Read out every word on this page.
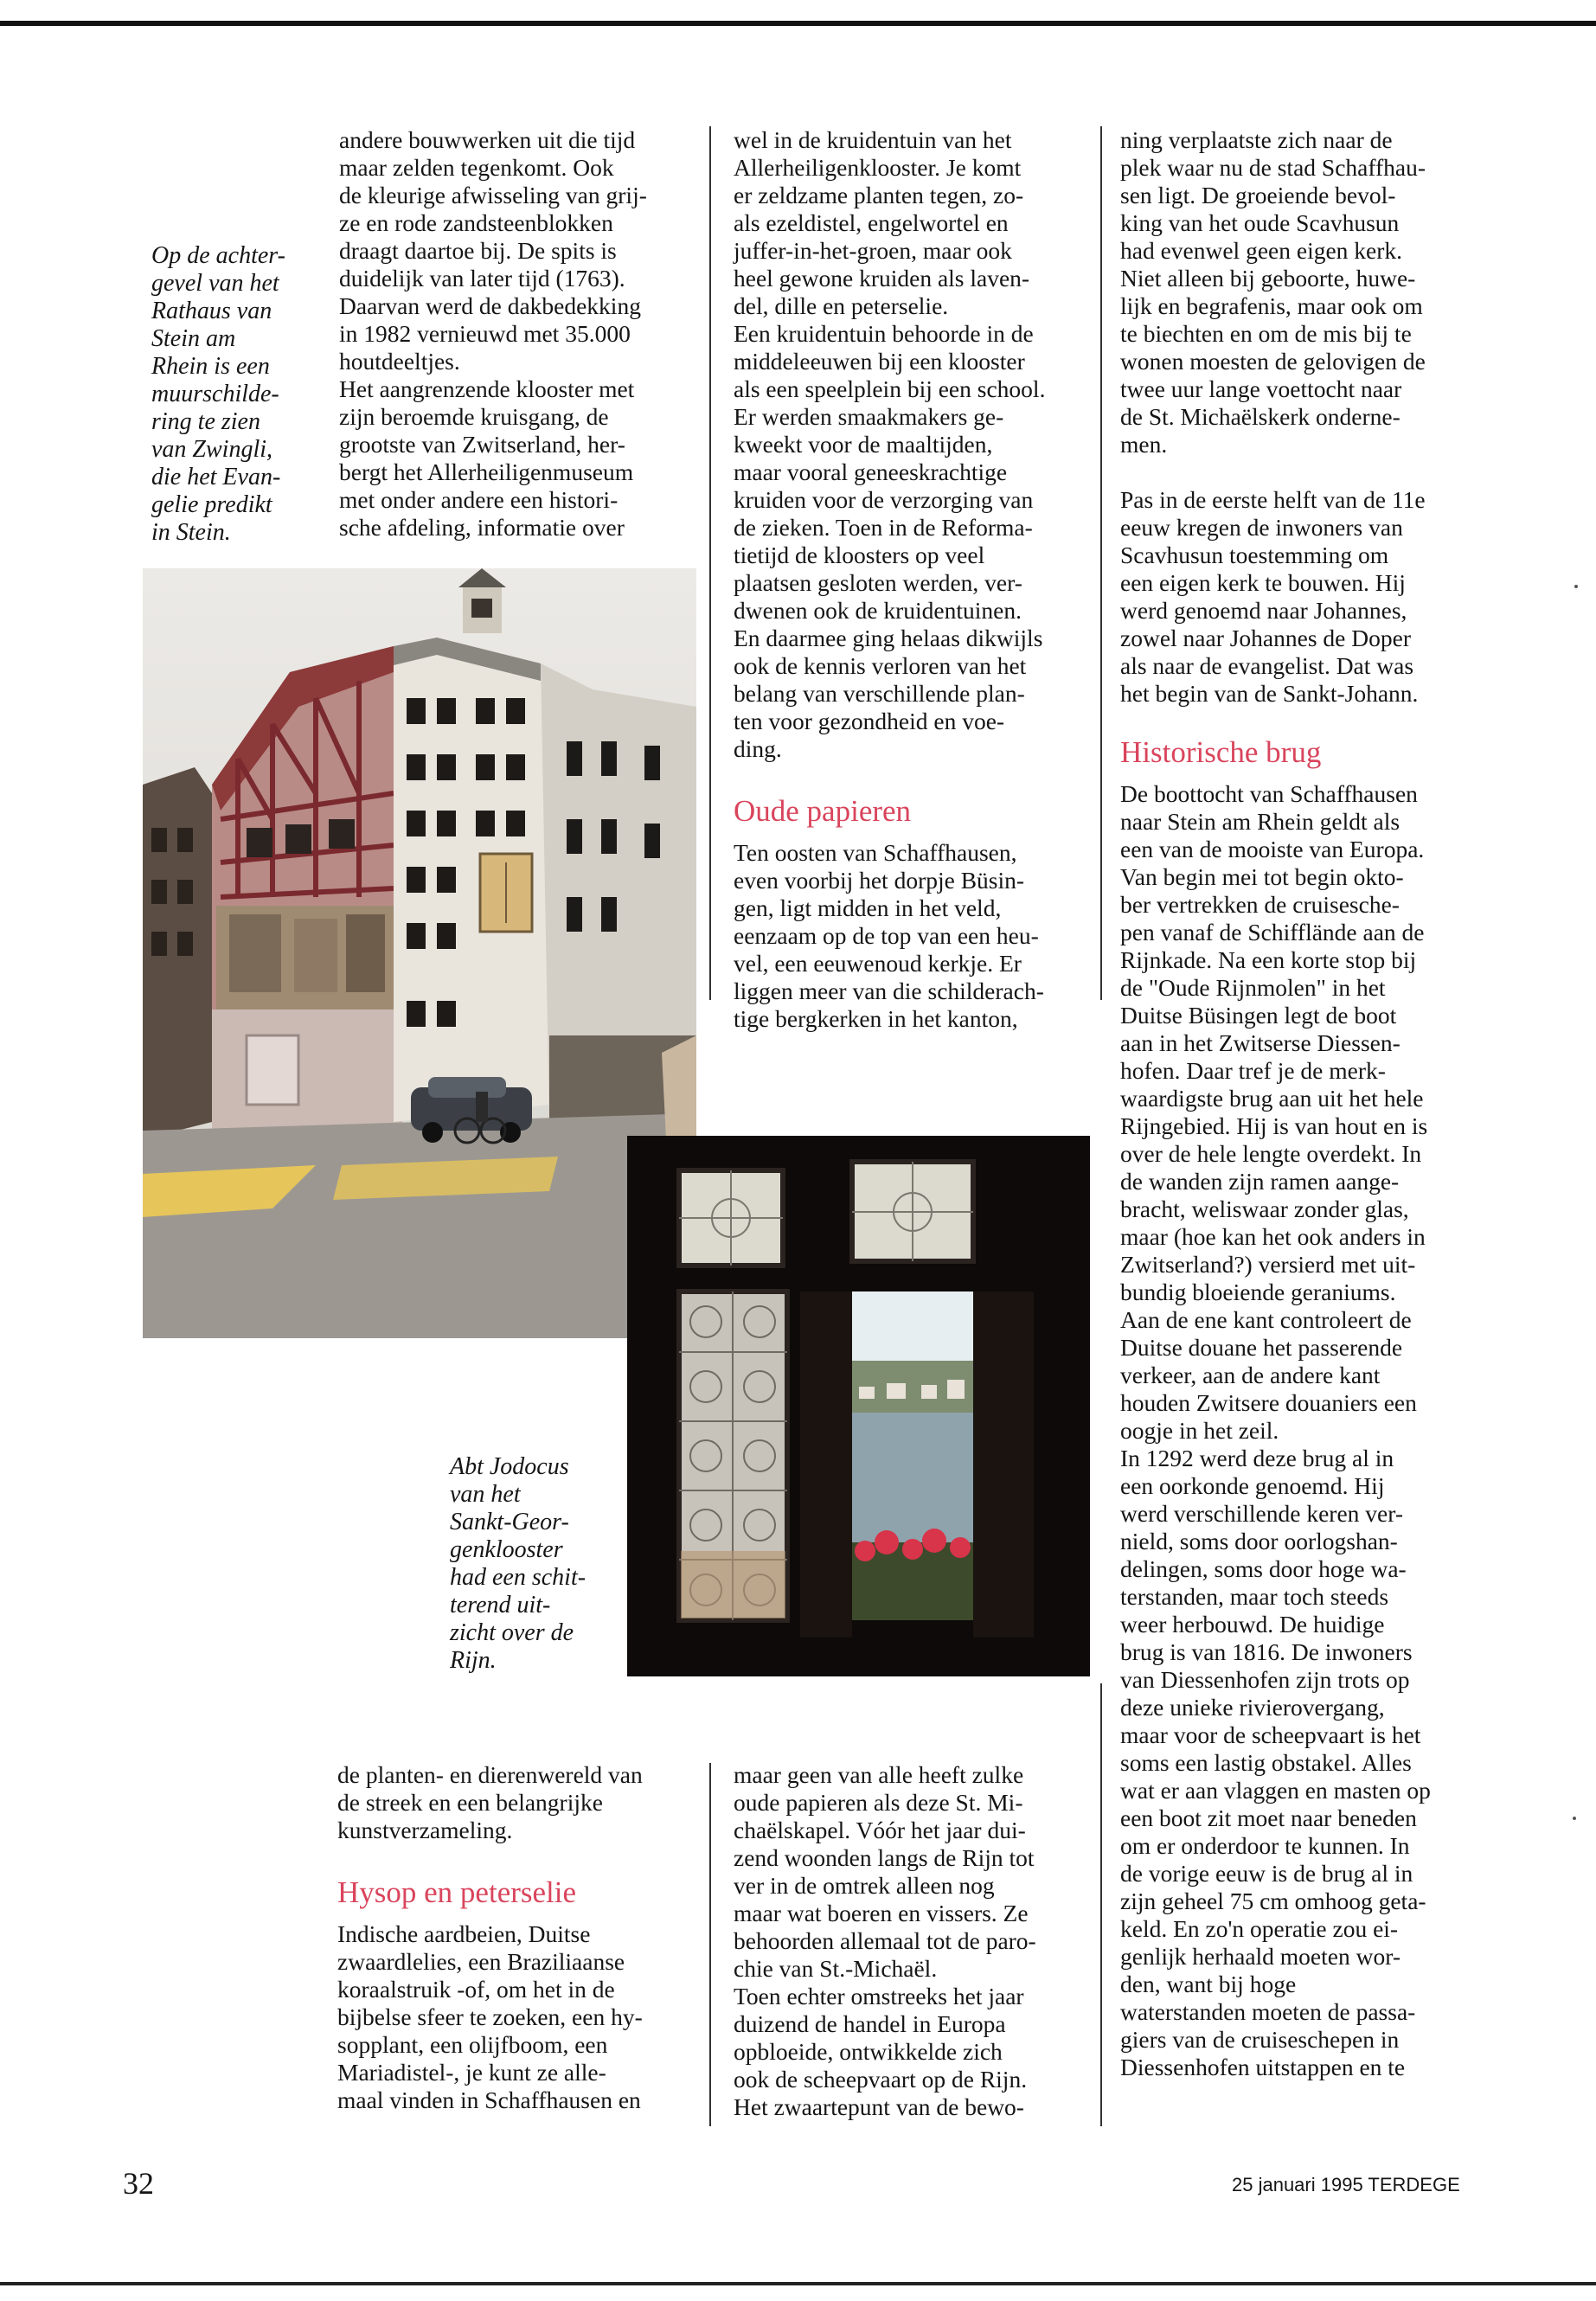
Op de achter-
gevel van het
Rathaus van
Stein am
Rhein is een
muurschilde-
ring te zien
van Zwingli,
die het Evan-
gelie predikt
in Stein.

andere bouwwerken uit die tijd

maar zelden tegenkomt. Ook

de kleurige afwisseling van grij-

ze en rode zandsteenblokken

draagt daartoe bij. De spits is

duidelijk van later tijd (1763).

Daarvan werd de dakbedekking

in 1982 vernieuwd met 35.000

houtdeeltjes.

Het aangrenzende klooster met

zijn beroemde kruisgang, de

grootste van Zwitserland, her-

bergt het Allerheiligenmuseum

met onder andere een histori-

sche afdeling, informatie over

Abt Jodocus
van het
Sankt-Geor-
genklooster
had een schit-
terend uit-
zicht over de
Rijn.

wel in de kruidentuin van het

Allerheiligenklooster. Je komt

er zeldzame planten tegen, zo-

als ezeldistel, engelwortel en

juffer-in-het-groen, maar ook

heel gewone kruiden als laven-

del, dille en peterselie.

Een kruidentuin behoorde in de

middeleeuwen bij een klooster

als een speelplein bij een school.

Er werden smaakmakers ge-

kweekt voor de maaltijden,

maar vooral geneeskrachtige

kruiden voor de verzorging van

de zieken. Toen in de Reforma-

tietijd de kloosters op veel

plaatsen gesloten werden, ver-

dwenen ook de kruidentuinen.

En daarmee ging helaas dikwijls

ook de kennis verloren van het

belang van verschillende plan-

ten voor gezondheid en voe-

ding.

Oude papieren

Ten oosten van Schaffhausen,

even voorbij het dorpje Büsin-

gen, ligt midden in het veld,

eenzaam op de top van een heu-

vel, een eeuwenoud kerkje. Er

liggen meer van die schilderach-

tige bergkerken in het kanton,

ning verplaatste zich naar de

plek waar nu de stad Schaffhau-

sen ligt. De groeiende bevol-

king van het oude Scavhusun

had evenwel geen eigen kerk.

Niet alleen bij geboorte, huwe-

lijk en begrafenis, maar ook om

te biechten en om de mis bij te

wonen moesten de gelovigen de

twee uur lange voettocht naar

de St. Michaëlskerk onderne-

men.

Pas in de eerste helft van de 11e

eeuw kregen de inwoners van

Scavhusun toestemming om

een eigen kerk te bouwen. Hij

werd genoemd naar Johannes,

zowel naar Johannes de Doper

als naar de evangelist. Dat was

het begin van de Sankt-Johann.

Historische brug

De boottocht van Schaffhausen

naar Stein am Rhein geldt als

een van de mooiste van Europa.

Van begin mei tot begin okto-

ber vertrekken de cruisesche-

pen vanaf de Schifflände aan de

Rijnkade. Na een korte stop bij

de "Oude Rijnmolen" in het

Duitse Büsingen legt de boot

aan in het Zwitserse Diessen-

hofen. Daar tref je de merk-

waardigste brug aan uit het hele

Rijngebied. Hij is van hout en is

over de hele lengte overdekt. In

de wanden zijn ramen aange-

bracht, weliswaar zonder glas,

maar (hoe kan het ook anders in

Zwitserland?) versierd met uit-

bundig bloeiende geraniums.

Aan de ene kant controleert de

Duitse douane het passerende

verkeer, aan de andere kant

houden Zwitsere douaniers een

oogje in het zeil.

In 1292 werd deze brug al in

een oorkonde genoemd. Hij

werd verschillende keren ver-

nield, soms door oorlogshan-

delingen, soms door hoge wa-

terstanden, maar toch steeds

weer herbouwd. De huidige

brug is van 1816. De inwoners

van Diessenhofen zijn trots op

deze unieke rivierovergang,

maar voor de scheepvaart is het

soms een lastig obstakel. Alles

wat er aan vlaggen en masten op

een boot zit moet naar beneden

om er onderdoor te kunnen. In

de vorige eeuw is de brug al in

zijn geheel 75 cm omhoog geta-

keld. En zo'n operatie zou ei-

genlijk herhaald moeten wor-

den, want bij hoge

waterstanden moeten de passa-

giers van de cruiseschepen in

Diessenhofen uitstappen en te

de planten- en dierenwereld van

de streek en een belangrijke

kunstverzameling.

Hysop en peterselie

Indische aardbeien, Duitse

zwaardlelies, een Braziliaanse

koraalstruik -of, om het in de

bijbelse sfeer te zoeken, een hy-

sopplant, een olijfboom, een

Mariadistel-, je kunt ze alle-

maal vinden in Schaffhausen en

maar geen van alle heeft zulke

oude papieren als deze St. Mi-

chaëlskapel. Vóór het jaar dui-

zend woonden langs de Rijn tot

ver in de omtrek alleen nog

maar wat boeren en vissers. Ze

behoorden allemaal tot de paro-

chie van St.-Michaël.

Toen echter omstreeks het jaar

duizend de handel in Europa

opbloeide, ontwikkelde zich

ook de scheepvaart op de Rijn.

Het zwaartepunt van de bewo-

32	25 januari 1995 TERDEGE
